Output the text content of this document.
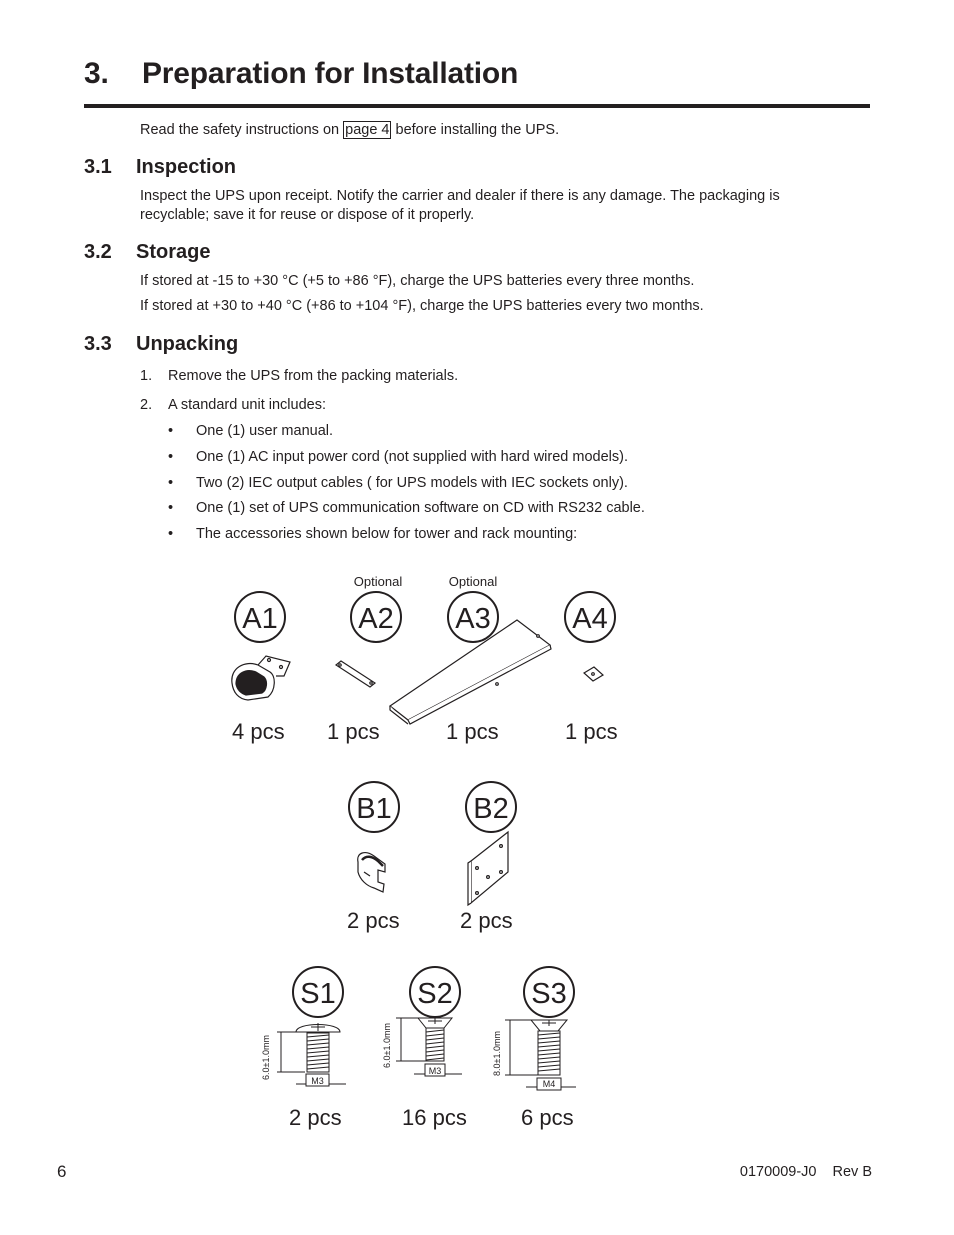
3. Preparation for Installation
Read the safety instructions on page 4 before installing the UPS.
3.1 Inspection
Inspect the UPS upon receipt. Notify the carrier and dealer if there is any damage. The packaging is recyclable; save it for reuse or dispose of it properly.
3.2 Storage
If stored at -15 to +30 °C (+5 to +86 °F), charge the UPS batteries every three months.
If stored at +30 to +40 °C (+86 to +104 °F), charge the UPS batteries every two months.
3.3 Unpacking
1. Remove the UPS from the packing materials.
2. A standard unit includes:
• One (1) user manual.
• One (1) AC input power cord (not supplied with hard wired models).
• Two (2) IEC output cables ( for UPS models with IEC sockets only).
• One (1) set of UPS communication software on CD with RS232 cable.
• The accessories shown below for tower and rack mounting:
Optional	Optional
A1	A2 A3	A4
4 pcs 1 pcs	1 pcs	1 pcs
B1	B2
2 pcs	2 pcs
S1	S2	S3
6.0±1.0mm
M3
6.0±1.0mm
M3	8.0±1.0mm
M4
2 pcs	16 pcs 6 pcs
6	0170009-J0 Rev B
